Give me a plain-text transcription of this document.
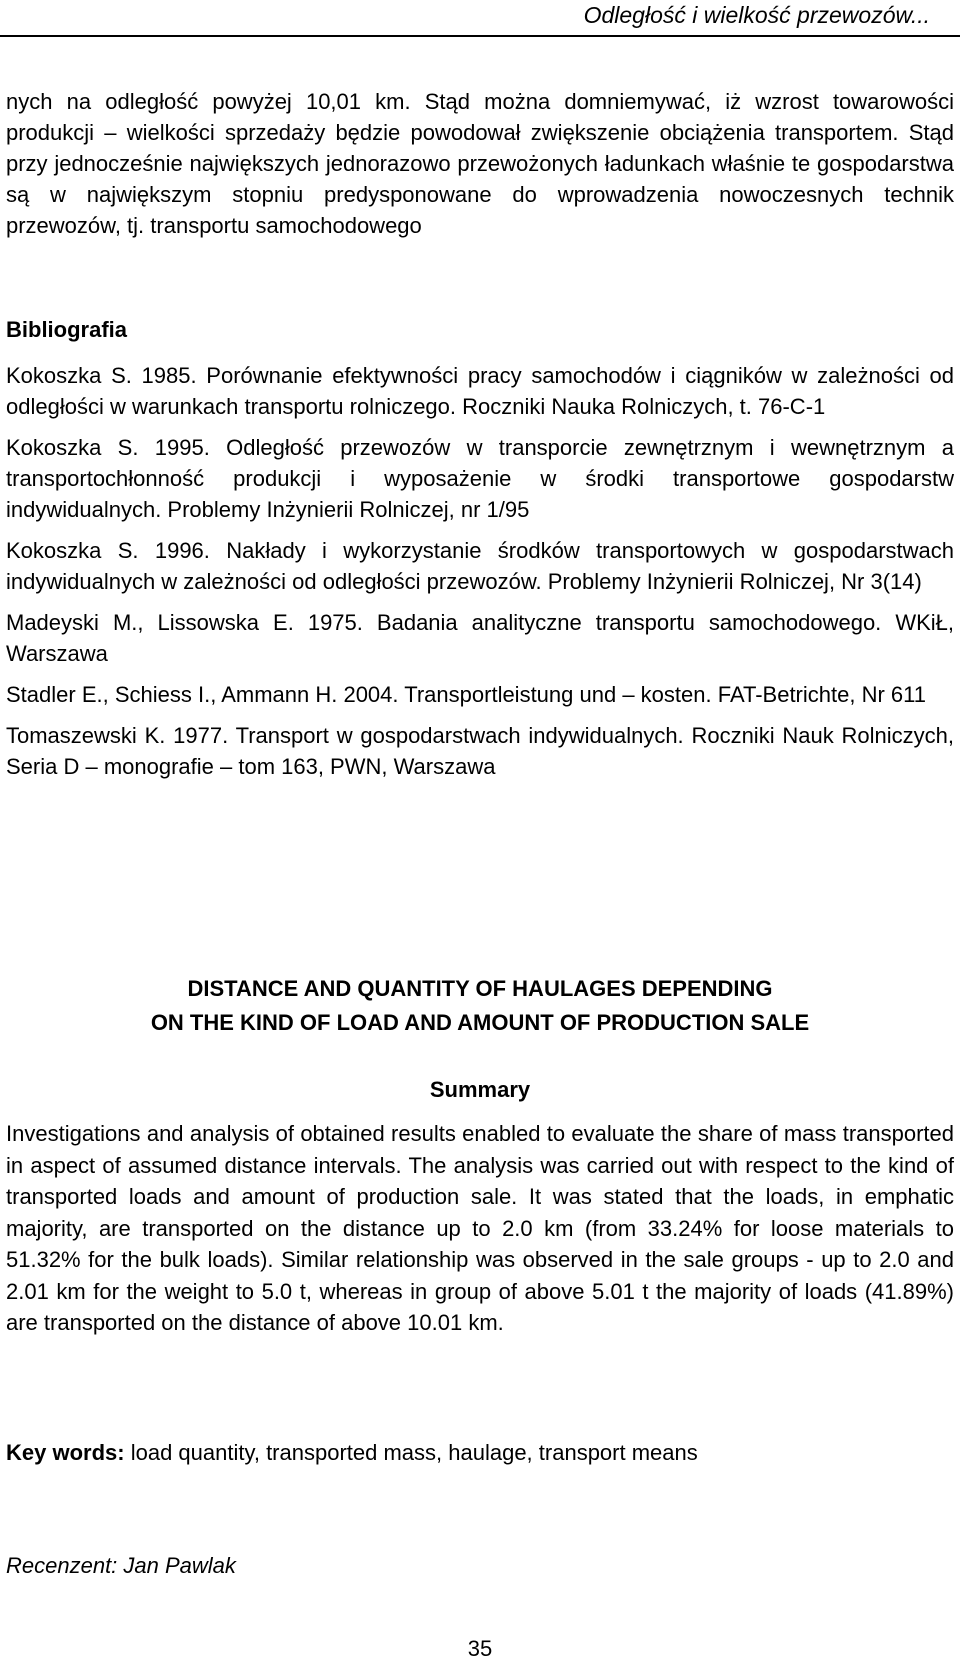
Odległość i wielkość przewozów...

nych na odległość powyżej 10,01 km. Stąd można domniemywać, iż wzrost towarowości produkcji – wielkości sprzedaży będzie powodował zwiększenie obciążenia transportem. Stąd przy jednocześnie największych jednorazowo przewożonych ładunkach właśnie te gospodarstwa są w największym stopniu predysponowane do wprowadzenia nowoczesnych technik przewozów, tj. transportu samochodowego

Bibliografia

Kokoszka S. 1985. Porównanie efektywności pracy samochodów i ciągników w zależności od odległości w warunkach transportu rolniczego. Roczniki Nauka Rolniczych, t. 76-C-1

Kokoszka S. 1995. Odległość przewozów w transporcie zewnętrznym i wewnętrznym a transportochłonność produkcji i wyposażenie w środki transportowe gospodarstw indywidualnych. Problemy Inżynierii Rolniczej, nr 1/95

Kokoszka S. 1996. Nakłady i wykorzystanie środków transportowych w gospodarstwach indywidualnych w zależności od odległości przewozów. Problemy Inżynierii Rolniczej, Nr 3(14)

Madeyski M., Lissowska E. 1975. Badania analityczne transportu samochodowego. WKiŁ, Warszawa

Stadler E., Schiess I., Ammann H. 2004. Transportleistung und – kosten. FAT-Betrichte, Nr 611

Tomaszewski K. 1977. Transport w gospodarstwach indywidualnych. Roczniki Nauk Rolniczych, Seria D – monografie – tom 163, PWN, Warszawa

DISTANCE AND QUANTITY OF HAULAGES DEPENDING
ON THE KIND OF LOAD AND AMOUNT OF PRODUCTION SALE
Summary

Investigations and analysis of obtained results enabled to evaluate the share of mass transported in aspect of assumed distance intervals. The analysis was carried out with respect to the kind of transported loads and amount of production sale. It was stated that the loads, in emphatic majority, are transported on the distance up to 2.0 km (from 33.24% for loose materials to 51.32% for the bulk loads). Similar relationship was observed in the sale groups - up to 2.0 and 2.01 km for the weight to 5.0 t, whereas in group of above 5.01 t the majority of loads (41.89%) are transported on the distance of above 10.01 km.

Key words: load quantity, transported mass, haulage, transport means

Recenzent: Jan Pawlak

35
